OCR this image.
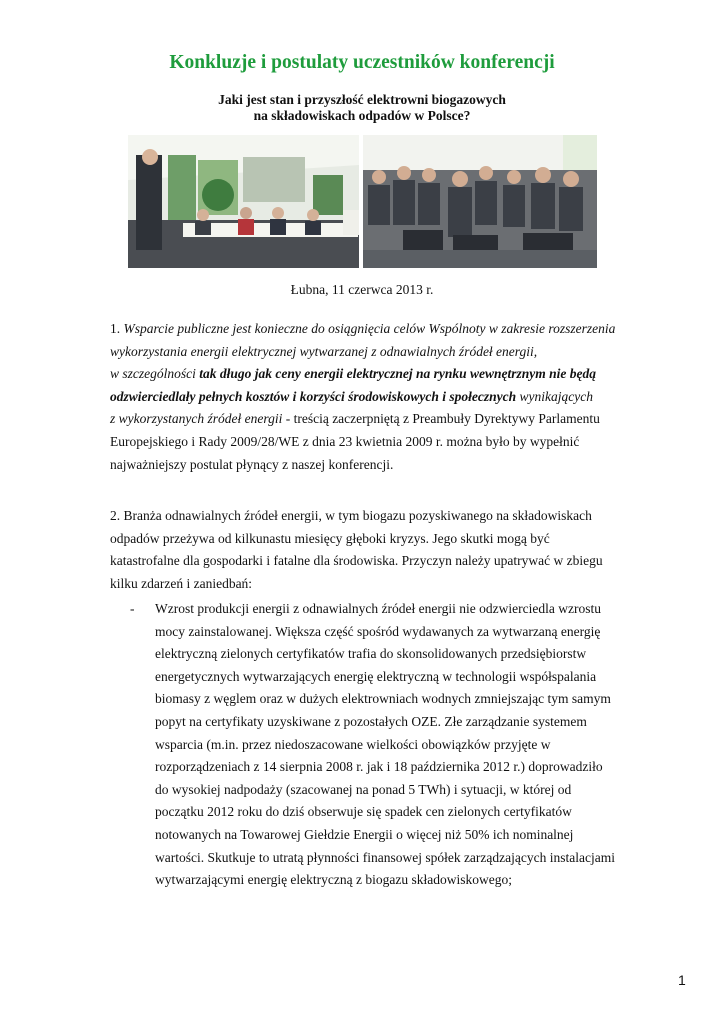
Konkluzje i postulaty uczestników konferencji
Jaki jest stan i przyszłość elektrowni biogazowych
na składowiskach odpadów w Polsce?
Łubna, 11 czerwca 2013 r.

1. Wsparcie publiczne jest konieczne do osiągnięcia celów Wspólnoty w zakresie rozszerzenia

wykorzystania energii elektrycznej wytwarzanej z odnawialnych źródeł energii,

w szczególności tak długo jak ceny energii elektrycznej na rynku wewnętrznym nie będą

odzwierciedlały pełnych kosztów i korzyści środowiskowych i społecznych wynikających

z wykorzystanych źródeł energii - treścią zaczerpniętą z Preambuły Dyrektywy Parlamentu

Europejskiego i Rady 2009/28/WE z dnia 23 kwietnia 2009 r. można było by wypełnić

najważniejszy postulat płynący z naszej konferencji.

2. Branża odnawialnych źródeł energii, w tym biogazu pozyskiwanego na składowiskach

odpadów przeżywa od kilkunastu miesięcy głęboki kryzys. Jego skutki mogą być

katastrofalne dla gospodarki i fatalne dla środowiska. Przyczyn należy upatrywać w zbiegu

kilku zdarzeń i zaniedbań:

- Wzrost produkcji energii z odnawialnych źródeł energii nie odzwierciedla wzrostu
mocy zainstalowanej. Większa część spośród wydawanych za wytwarzaną energię
elektryczną zielonych certyfikatów trafia do skonsolidowanych przedsiębiorstw
energetycznych wytwarzających energię elektryczną w technologii współspalania
biomasy z węglem oraz w dużych elektrowniach wodnych zmniejszając tym samym
popyt na certyfikaty uzyskiwane z pozostałych OZE. Złe zarządzanie systemem
wsparcia (m.in. przez niedoszacowane wielkości obowiązków przyjęte w
rozporządzeniach z 14 sierpnia 2008 r. jak i 18 października 2012 r.) doprowadziło
do wysokiej nadpodaży (szacowanej na ponad 5 TWh) i sytuacji, w której od
początku 2012 roku do dziś obserwuje się spadek cen zielonych certyfikatów
notowanych na Towarowej Giełdzie Energii o więcej niż 50% ich nominalnej
wartości. Skutkuje to utratą płynności finansowej spółek zarządzających instalacjami
wytwarzającymi energię elektryczną z biogazu składowiskowego;
1
